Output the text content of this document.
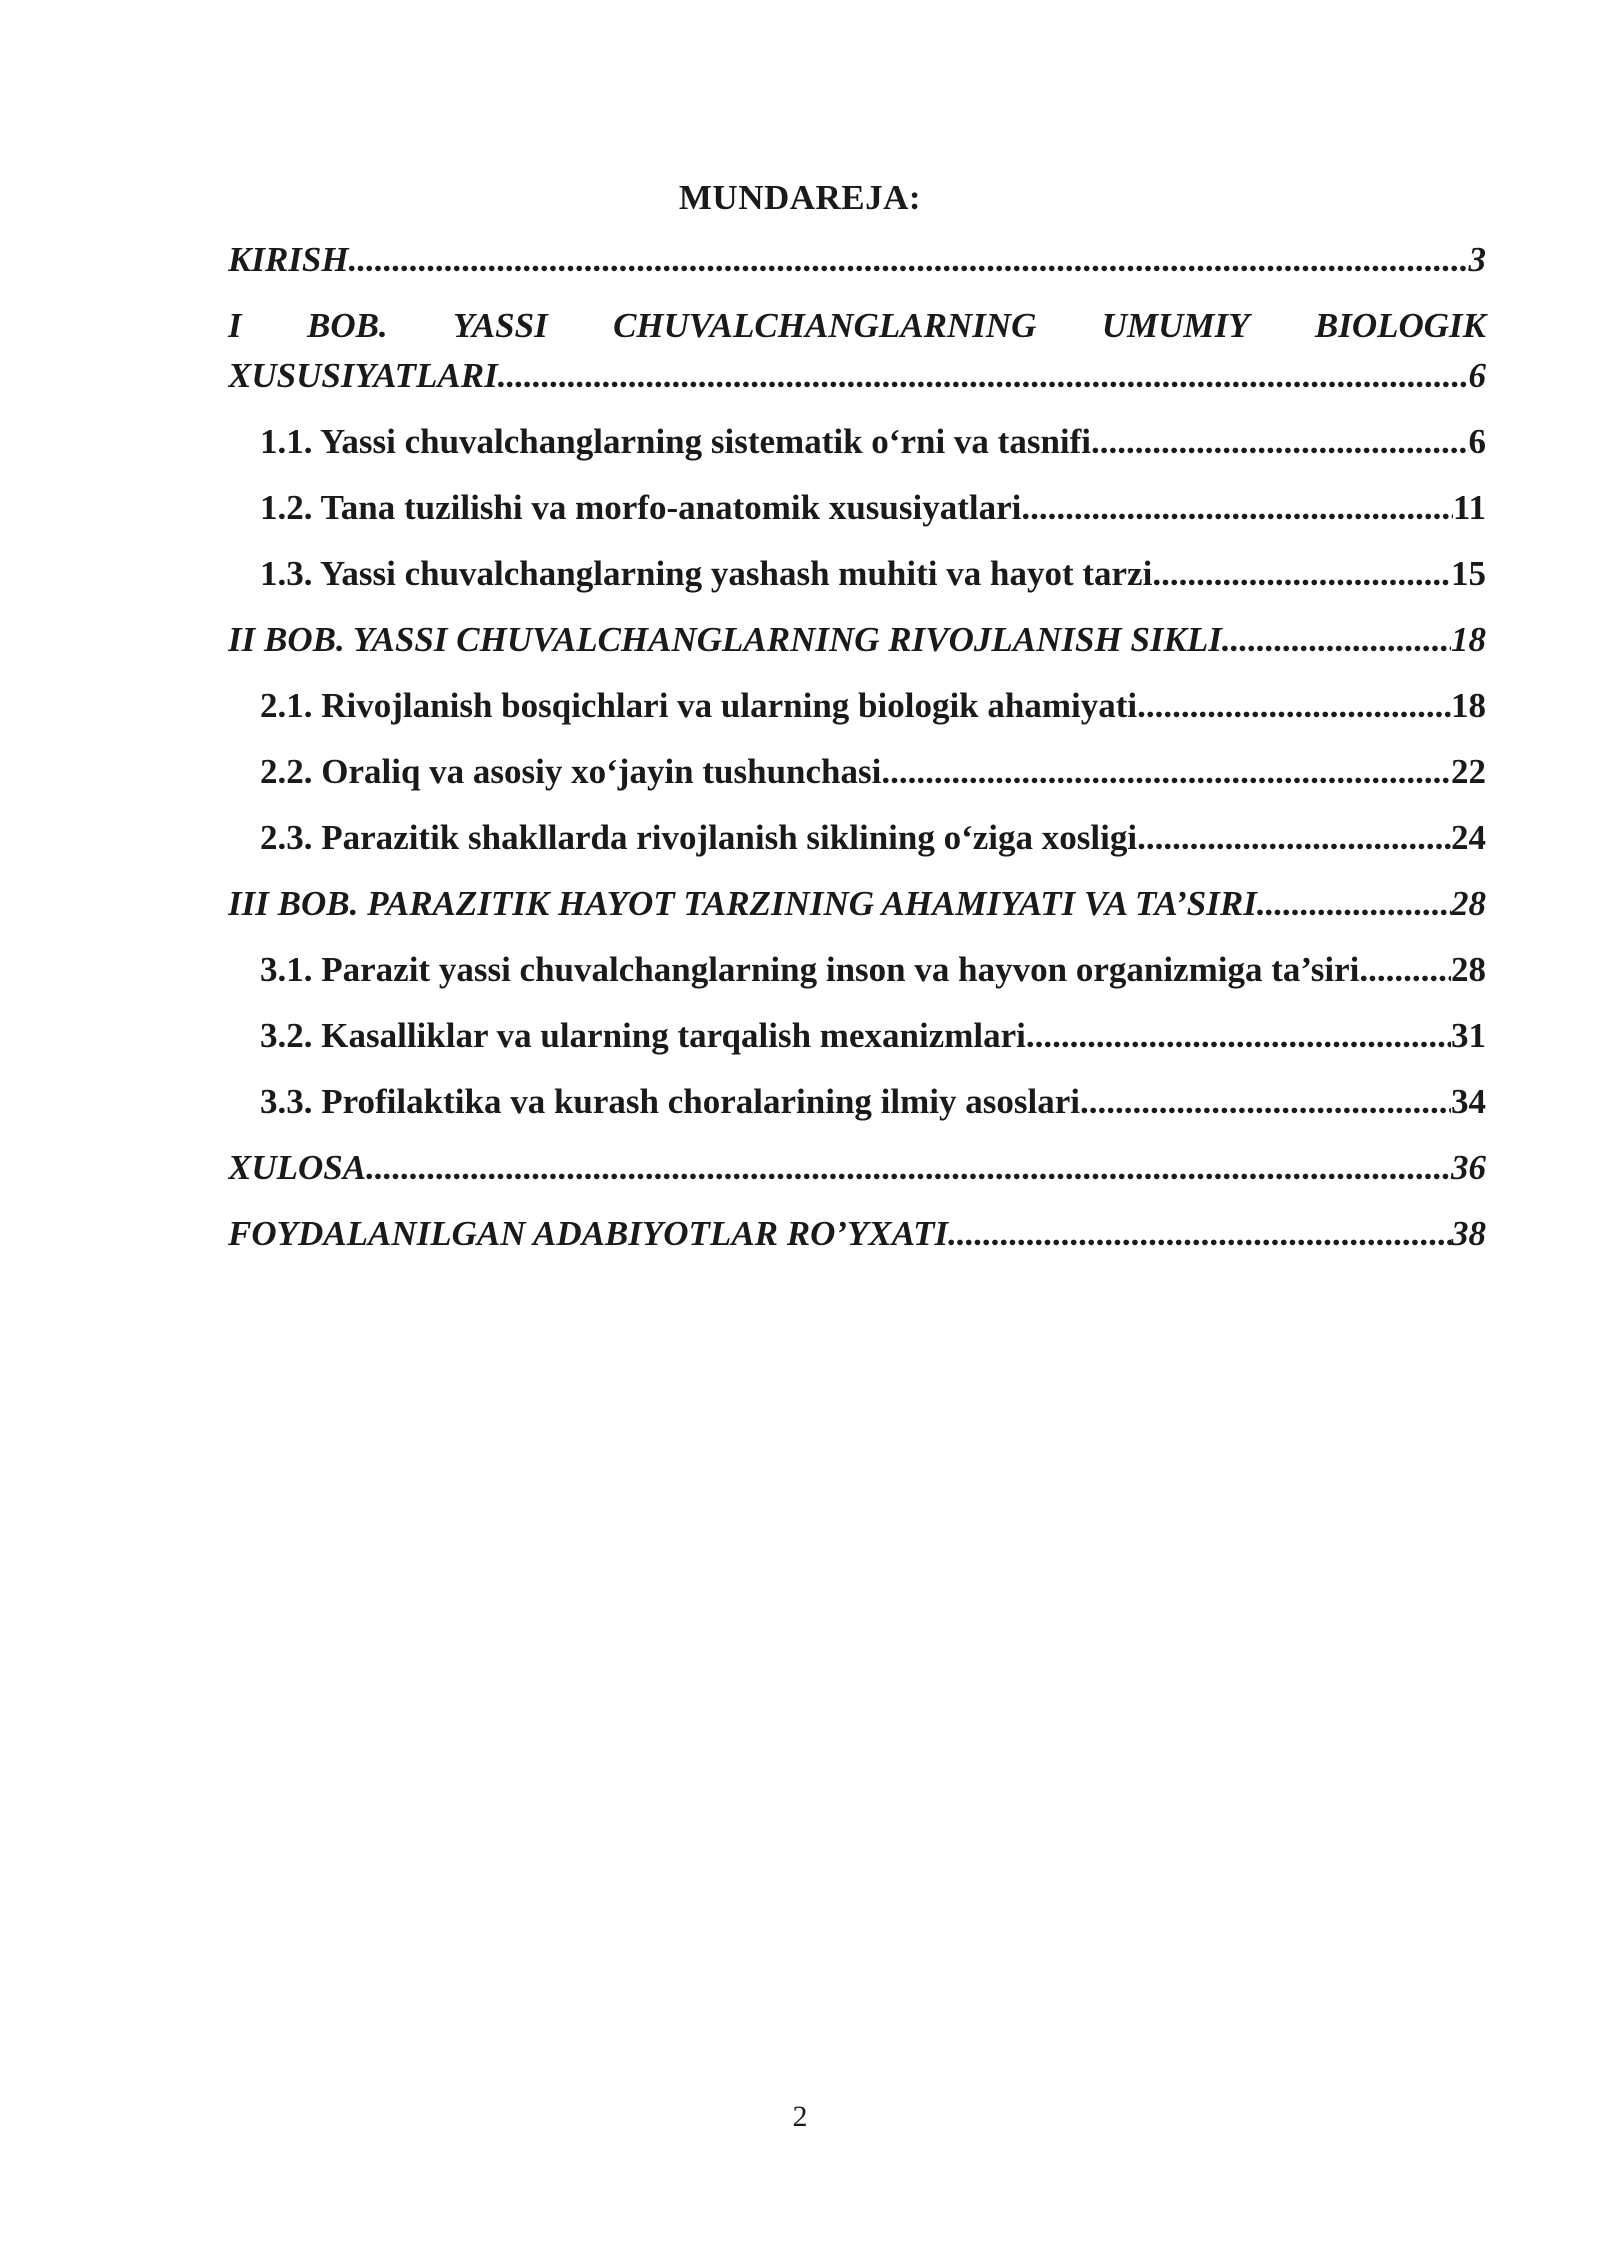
MUNDAREJA:
KIRISH .....	3
I BOB. YASSI CHUVALCHANGLARNING UMUMIY BIOLOGIK
XUSUSIYATLARI .....	6
1.1. Yassi chuvalchanglarning sistematik o‘rni va tasnifi .....	6
1.2. Tana tuzilishi va morfo-anatomik xususiyatlari .....	11
1.3. Yassi chuvalchanglarning yashash muhiti va hayot tarzi .....	15
II BOB. YASSI CHUVALCHANGLARNING RIVOJLANISH SIKLI .....	18
2.1. Rivojlanish bosqichlari va ularning biologik ahamiyati .....	18
2.2. Oraliq va asosiy xo‘jayin tushunchasi .....	22
2.3. Parazitik shakllarda rivojlanish siklining o‘ziga xosligi .....	24
III BOB. PARAZITIK HAYOT TARZINING AHAMIYATI VA TA’SIRI .....	28
3.1. Parazit yassi chuvalchanglarning inson va hayvon organizmiga ta’siri .....	28
3.2. Kasalliklar va ularning tarqalish mexanizmlari .....	31
3.3. Profilaktika va kurash choralarining ilmiy asoslari .....	34
XULOSA .....	36
FOYDALANILGAN ADABIYOTLAR RO’YXATI .....	38
2
